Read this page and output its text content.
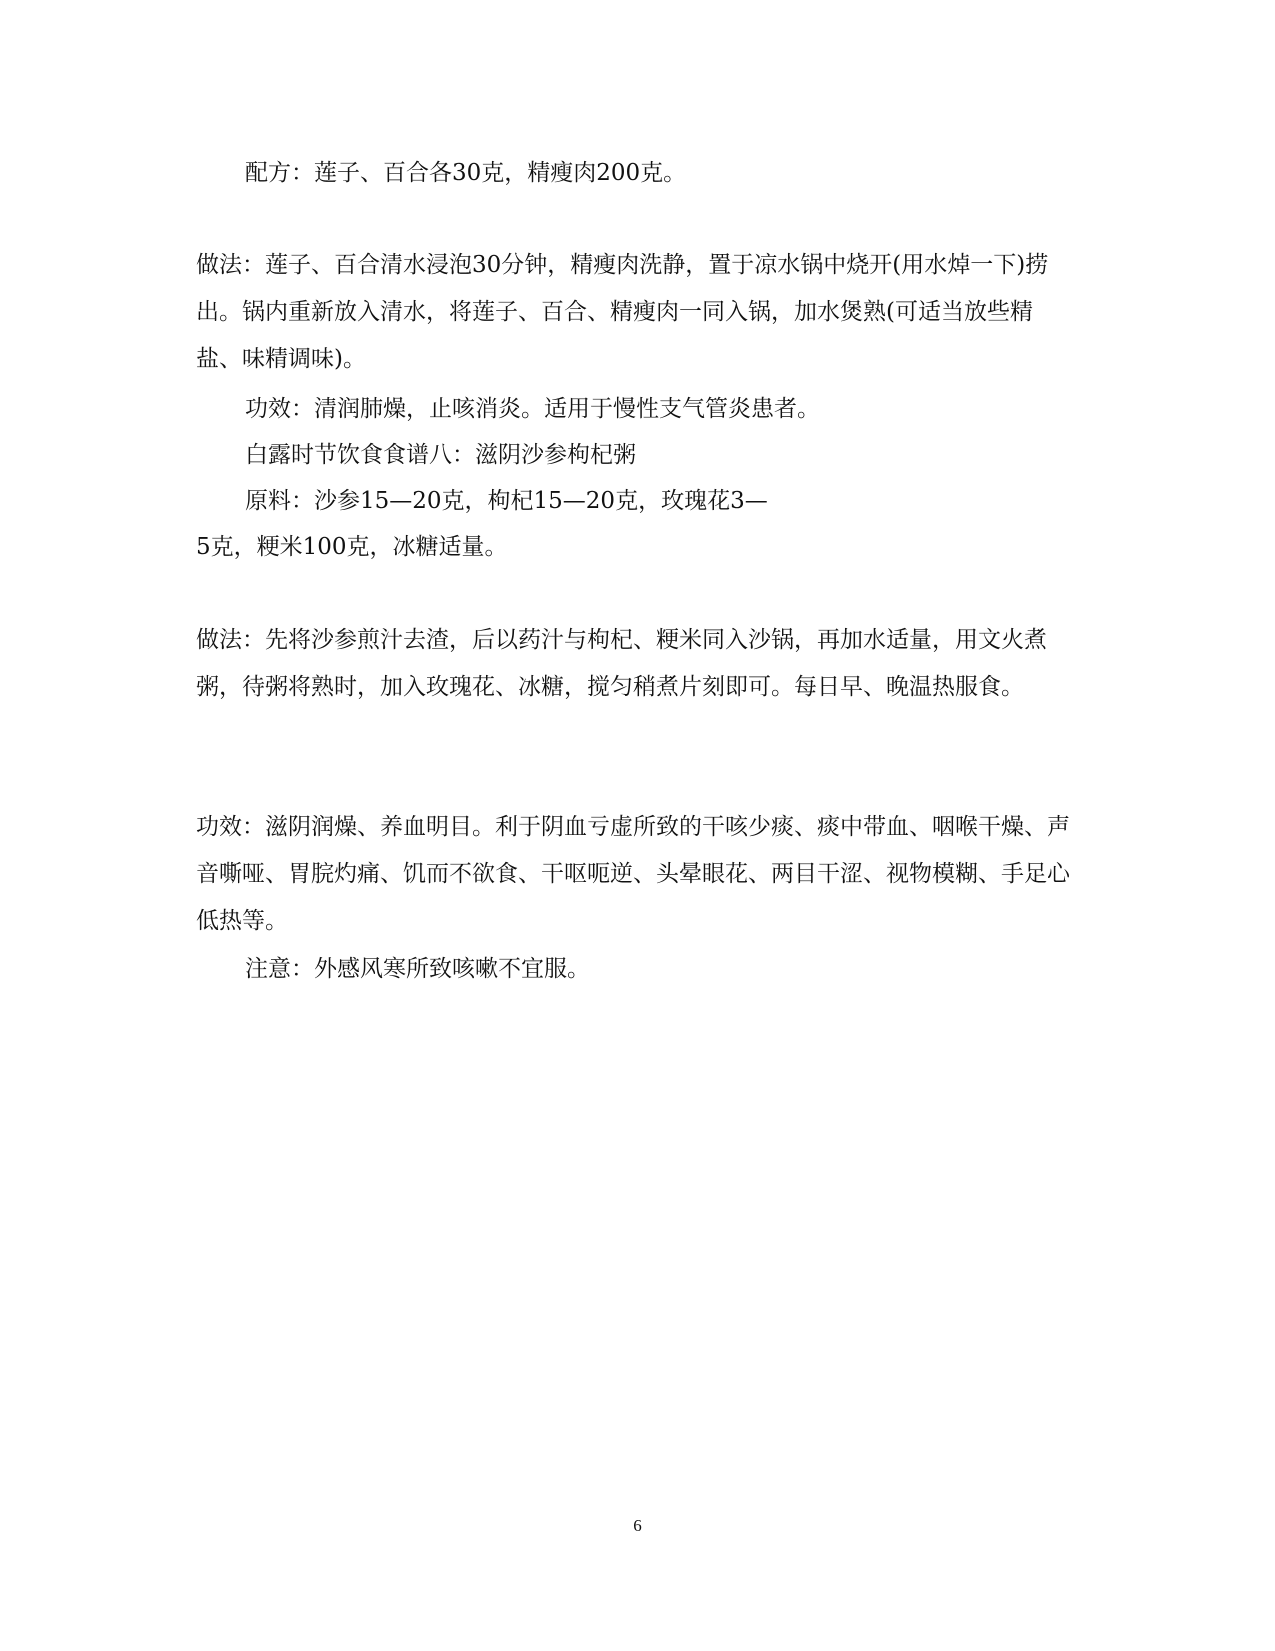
配方：莲子、百合各30克，精瘦肉200克。

做法：莲子、百合清水浸泡30分钟，精瘦肉洗静，置于凉水锅中烧开(用水焯一下)捞出。锅内重新放入清水，将莲子、百合、精瘦肉一同入锅，加水煲熟(可适当放些精盐、味精调味)。

功效：清润肺燥，止咳消炎。适用于慢性支气管炎患者。

白露时节饮食食谱八：滋阴沙参枸杞粥

原料：沙参15—20克，枸杞15—20克，玫瑰花3—

5克，粳米100克，冰糖适量。

做法：先将沙参煎汁去渣，后以药汁与枸杞、粳米同入沙锅，再加水适量，用文火煮粥，待粥将熟时，加入玫瑰花、冰糖，搅匀稍煮片刻即可。每日早、晚温热服食。

功效：滋阴润燥、养血明目。利于阴血亏虚所致的干咳少痰、痰中带血、咽喉干燥、声音嘶哑、胃脘灼痛、饥而不欲食、干呕呃逆、头晕眼花、两目干涩、视物模糊、手足心低热等。

注意：外感风寒所致咳嗽不宜服。

6
